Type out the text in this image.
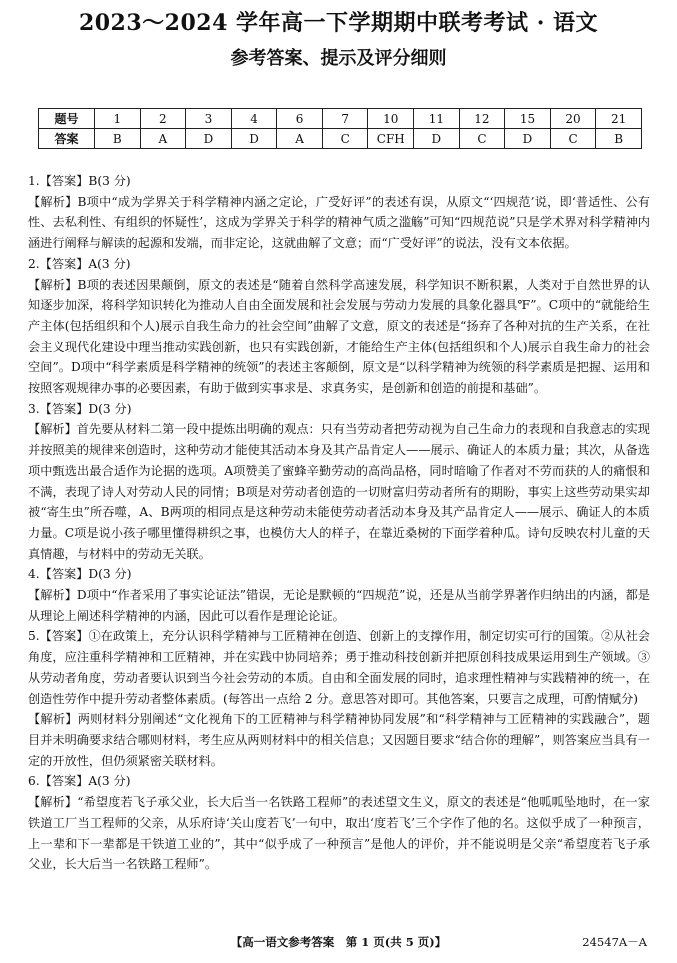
2023～2024 学年高一下学期期中联考考试 · 语文
参考答案、提示及评分细则
题号	1	2	3	4	6	7	10	11	12	15	20	21
答案	B	A	D	D	A	C	CFH	D	C	D	C	B

1.【答案】B(3 分)

【解析】B项中“成为学界关于科学精神内涵之定论，广受好评”的表述有误，从原文“‘四规范’说，即‘普适性、公有性、去私利性、有组织的怀疑性’，这成为学界关于科学的精神气质之滥觞”可知“四规范说”只是学术界对科学精神内涵进行阐释与解读的起源和发端，而非定论，这就曲解了文意；而“广受好评”的说法，没有文本依据。

2.【答案】A(3 分)

【解析】B项的表述因果颠倒，原文的表述是“随着自然科学高速发展，科学知识不断积累，人类对于自然世界的认知逐步加深，将科学知识转化为推动人自由全面发展和社会发展与劳动力发展的具象化器具℉”。C项中的“就能给生产主体(包括组织和个人)展示自我生命力的社会空间”曲解了文意，原文的表述是“扬弃了各种对抗的生产关系，在社会主义现代化建设中理当推动实践创新，也只有实践创新，才能给生产主体(包括组织和个人)展示自我生命力的社会空间”。D项中“科学素质是科学精神的统领”的表述主客颠倒，原文是“以科学精神为统领的科学素质是把握、运用和按照客观规律办事的必要因素，有助于做到实事求是、求真务实，是创新和创造的前提和基础”。

3.【答案】D(3 分)

【解析】首先要从材料二第一段中提炼出明确的观点：只有当劳动者把劳动视为自己生命力的表现和自我意志的实现并按照美的规律来创造时，这种劳动才能使其活动本身及其产品肯定人——展示、确证人的本质力量；其次，从备选项中甄选出最合适作为论据的选项。A项赞美了蜜蜂辛勤劳动的高尚品格，同时暗喻了作者对不劳而获的人的痛恨和不满，表现了诗人对劳动人民的同情；B项是对劳动者创造的一切财富归劳动者所有的期盼，事实上这些劳动果实却被“寄生虫”所吞噬，A、B两项的相同点是这种劳动未能使劳动者活动本身及其产品肯定人——展示、确证人的本质力量。C项是说小孩子哪里懂得耕织之事，也模仿大人的样子，在靠近桑树的下面学着种瓜。诗句反映农村儿童的天真情趣，与材料中的劳动无关联。

4.【答案】D(3 分)

【解析】D项中“作者采用了事实论证法”错误，无论是默顿的“四规范”说，还是从当前学界著作归纳出的内涵，都是从理论上阐述科学精神的内涵，因此可以看作是理论论证。

5.【答案】①在政策上，充分认识科学精神与工匠精神在创造、创新上的支撑作用，制定切实可行的国策。②从社会角度，应注重科学精神和工匠精神，并在实践中协同培养；勇于推动科技创新并把原创科技成果运用到生产领域。③从劳动者角度，劳动者要认识到当今社会劳动的本质。自由和全面发展的同时，追求理性精神与实践精神的统一，在创造性劳作中提升劳动者整体素质。(每答出一点给 2 分。意思答对即可。其他答案，只要言之成理，可酌情赋分)

【解析】两则材料分别阐述“文化视角下的工匠精神与科学精神协同发展”和“科学精神与工匠精神的实践融合”，题目并未明确要求结合哪则材料，考生应从两则材料中的相关信息；又因题目要求“结合你的理解”，则答案应当具有一定的开放性，但仍须紧密关联材料。

6.【答案】A(3 分)

【解析】“希望度若飞子承父业，长大后当一名铁路工程师”的表述望文生义，原文的表述是“他呱呱坠地时，在一家铁道工厂当工程师的父亲，从乐府诗‘关山度若飞’一句中，取出‘度若飞’三个字作了他的名。这似乎成了一种预言，上一辈和下一辈都是干铁道工业的”，其中“似乎成了一种预言”是他人的评价，并不能说明是父亲“希望度若飞子承父业，长大后当一名铁路工程师”。

【高一语文参考答案　第 1 页(共 5 页)】	24547A－A
